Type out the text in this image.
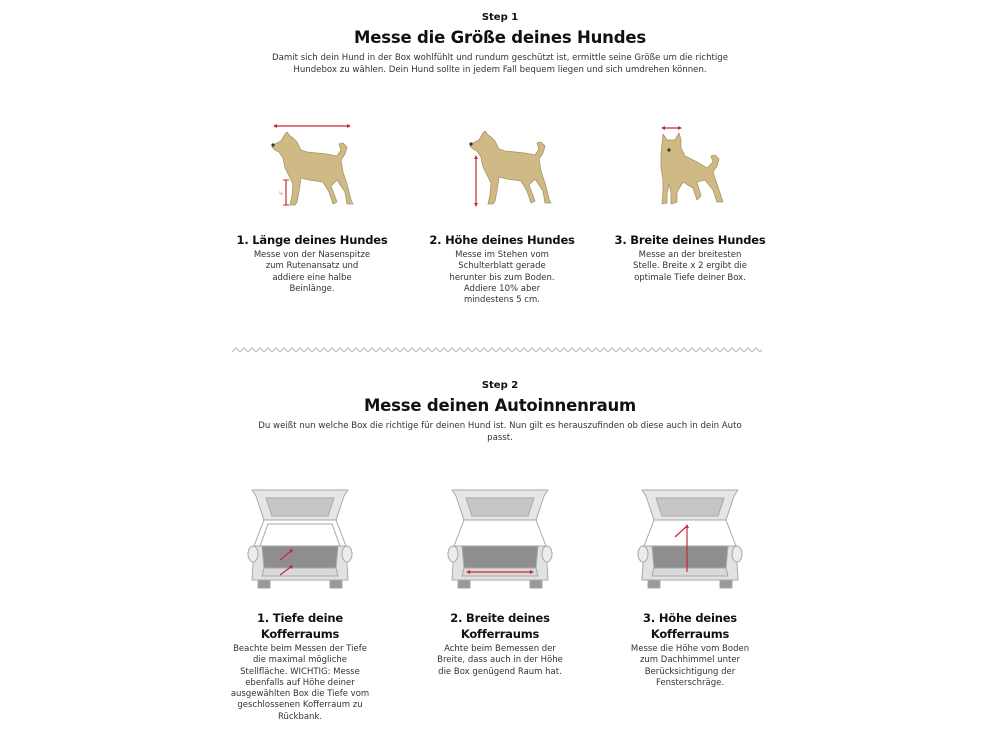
Step 1
Messe die Größe deines Hundes
Damit sich dein Hund in der Box wohlfühlt und rundum geschützt ist, ermittle seine Größe um die richtige Hundebox zu wählen. Dein Hund sollte in jedem Fall bequem liegen und sich umdrehen können.
½
1. Länge deines Hundes
Messe von der Nasenspitze zum Rutenansatz und addiere eine halbe Beinlänge.
2. Höhe deines Hundes
Messe im Stehen vom Schulterblatt gerade herunter bis zum Boden. Addiere 10% aber mindestens 5 cm.
3. Breite deines Hundes
Messe an der breitesten Stelle. Breite x 2 ergibt die optimale Tiefe deiner Box.
Step 2
Messe deinen Autoinnenraum
Du weißt nun welche Box die richtige für deinen Hund ist. Nun gilt es herauszufinden ob diese auch in dein Auto passt.
1. Tiefe deine Kofferraums
Beachte beim Messen der Tiefe die maximal mögliche Stellfläche. WICHTIG: Messe ebenfalls auf Höhe deiner ausgewählten Box die Tiefe vom geschlossenen Kofferraum zu Rückbank.
2. Breite deines Kofferraums
Achte beim Bemessen der Breite, dass auch in der Höhe die Box genügend Raum hat.
3. Höhe deines Kofferraums
Messe die Höhe vom Boden zum Dachhimmel unter Berücksichtigung der Fensterschräge.
